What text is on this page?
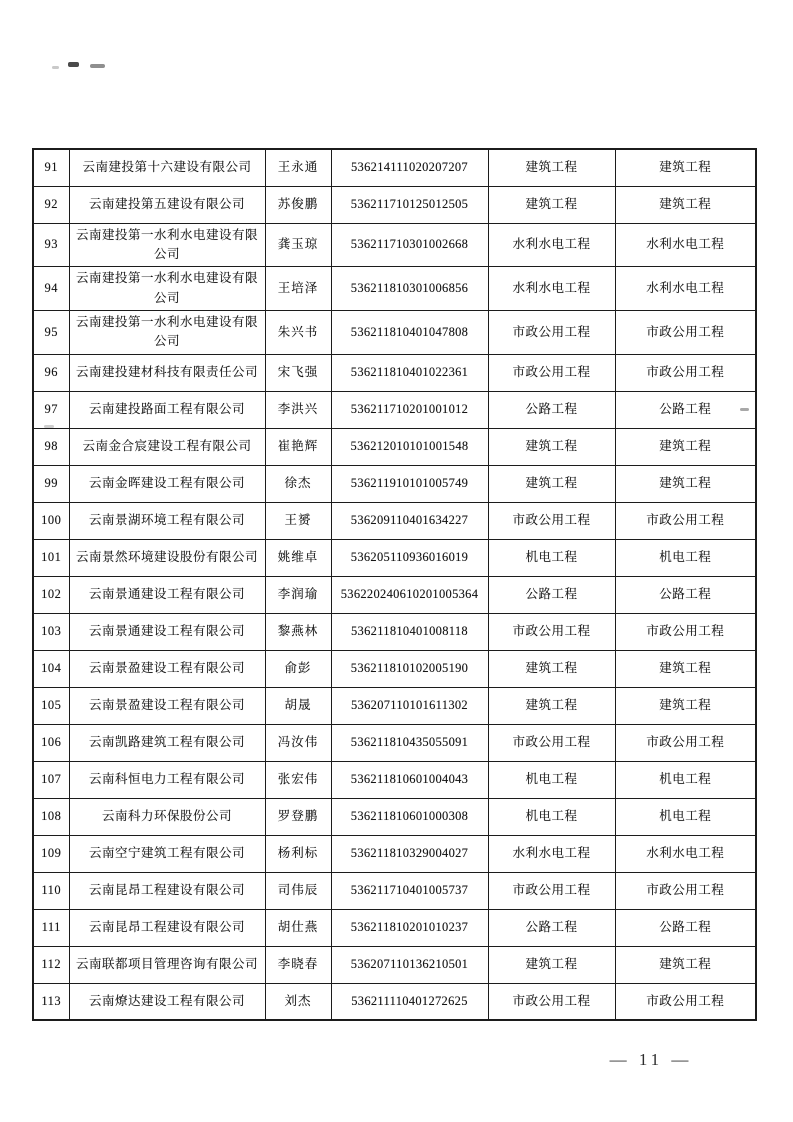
91	云南建投第十六建设有限公司	王永通	536214111020207207	建筑工程	建筑工程
92	云南建投第五建设有限公司	苏俊鹏	536211710125012505	建筑工程	建筑工程
93	云南建投第一水利水电建设有限公司	龚玉琼	536211710301002668	水利水电工程	水利水电工程
94	云南建投第一水利水电建设有限公司	王培泽	536211810301006856	水利水电工程	水利水电工程
95	云南建投第一水利水电建设有限公司	朱兴书	536211810401047808	市政公用工程	市政公用工程
96	云南建投建材科技有限责任公司	宋飞强	536211810401022361	市政公用工程	市政公用工程
97	云南建投路面工程有限公司	李洪兴	536211710201001012	公路工程	公路工程
98	云南金合宸建设工程有限公司	崔艳辉	536212010101001548	建筑工程	建筑工程
99	云南金晖建设工程有限公司	徐杰	536211910101005749	建筑工程	建筑工程
100	云南景湖环境工程有限公司	王赟	536209110401634227	市政公用工程	市政公用工程
101	云南景然环境建设股份有限公司	姚维卓	536205110936016019	机电工程	机电工程
102	云南景通建设工程有限公司	李润瑜	536220240610201005364	公路工程	公路工程
103	云南景通建设工程有限公司	黎燕林	536211810401008118	市政公用工程	市政公用工程
104	云南景盈建设工程有限公司	俞彭	536211810102005190	建筑工程	建筑工程
105	云南景盈建设工程有限公司	胡晟	536207110101611302	建筑工程	建筑工程
106	云南凯路建筑工程有限公司	冯汝伟	536211810435055091	市政公用工程	市政公用工程
107	云南科恒电力工程有限公司	张宏伟	536211810601004043	机电工程	机电工程
108	云南科力环保股份公司	罗登鹏	536211810601000308	机电工程	机电工程
109	云南空宁建筑工程有限公司	杨利标	536211810329004027	水利水电工程	水利水电工程
110	云南昆昂工程建设有限公司	司伟辰	536211710401005737	市政公用工程	市政公用工程
111	云南昆昂工程建设有限公司	胡仕燕	536211810201010237	公路工程	公路工程
112	云南联都项目管理咨询有限公司	李晓春	536207110136210501	建筑工程	建筑工程
113	云南燎达建设工程有限公司	刘杰	536211110401272625	市政公用工程	市政公用工程
— 11 —
